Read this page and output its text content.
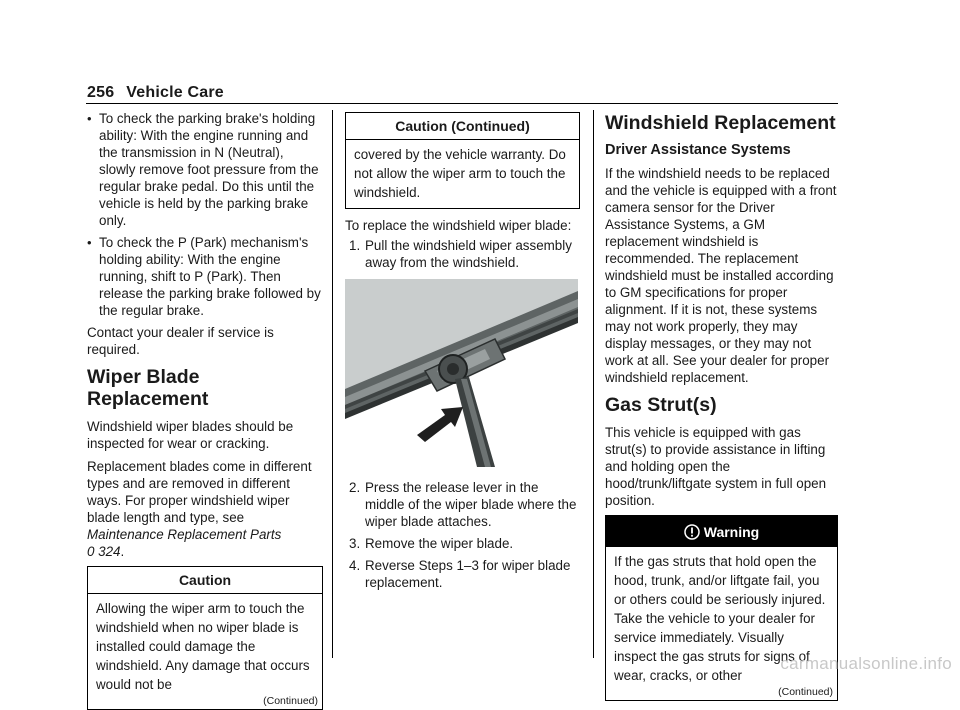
256 Vehicle Care
• To check the parking brake's holding ability: With the engine running and the transmission in N (Neutral), slowly remove foot pressure from the regular brake pedal. Do this until the vehicle is held by the parking brake only.
• To check the P (Park) mechanism's holding ability: With the engine running, shift to P (Park). Then release the parking brake followed by the regular brake.

Contact your dealer if service is required.

Wiper Blade Replacement

Windshield wiper blades should be inspected for wear or cracking.

Replacement blades come in different types and are removed in different ways. For proper windshield wiper blade length and type, see Maintenance Replacement Parts
0 324.

Caution
Allowing the wiper arm to touch the windshield when no wiper blade is installed could damage the windshield. Any damage that occurs would not be
(Continued)
Caution (Continued)
covered by the vehicle warranty. Do not allow the wiper arm to touch the windshield.

To replace the windshield wiper blade:

1. Pull the windshield wiper assembly away from the windshield.
2. Press the release lever in the middle of the wiper blade where the wiper blade attaches.
3. Remove the wiper blade.
4. Reverse Steps 1–3 for wiper blade replacement.
Windshield Replacement
Driver Assistance Systems

If the windshield needs to be replaced and the vehicle is equipped with a front camera sensor for the Driver Assistance Systems, a GM replacement windshield is recommended. The replacement windshield must be installed according to GM specifications for proper alignment. If it is not, these systems may not work properly, they may display messages, or they may not work at all. See your dealer for proper windshield replacement.

Gas Strut(s)

This vehicle is equipped with gas strut(s) to provide assistance in lifting and holding open the hood/trunk/liftgate system in full open position.

Warning
If the gas struts that hold open the hood, trunk, and/or liftgate fail, you or others could be seriously injured. Take the vehicle to your dealer for service immediately. Visually inspect the gas struts for signs of wear, cracks, or other
(Continued)
carmanualsonline.info
